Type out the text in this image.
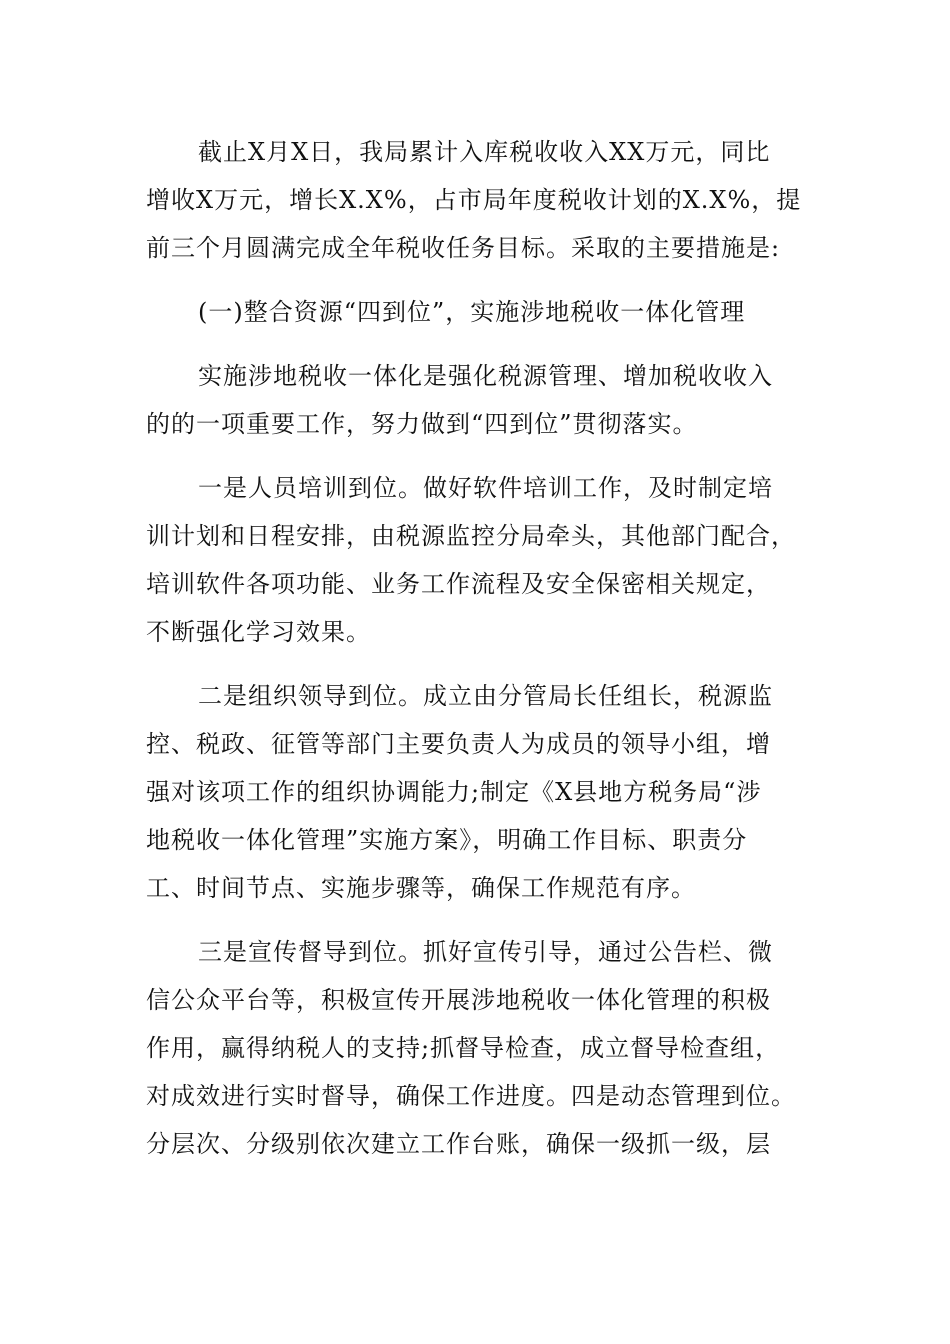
截止X月X日，我局累计入库税收收入XX万元，同比
增收X万元，增长X.X%，占市局年度税收计划的X.X%，提
前三个月圆满完成全年税收任务目标。采取的主要措施是:
(一)整合资源“四到位”，实施涉地税收一体化管理
实施涉地税收一体化是强化税源管理、增加税收收入
的的一项重要工作，努力做到“四到位”贯彻落实。
一是人员培训到位。做好软件培训工作，及时制定培
训计划和日程安排，由税源监控分局牵头，其他部门配合，
培训软件各项功能、业务工作流程及安全保密相关规定，
不断强化学习效果。
二是组织领导到位。成立由分管局长任组长，税源监
控、税政、征管等部门主要负责人为成员的领导小组，增
强对该项工作的组织协调能力;制定《X县地方税务局“涉
地税收一体化管理”实施方案》，明确工作目标、职责分
工、时间节点、实施步骤等，确保工作规范有序。
三是宣传督导到位。抓好宣传引导，通过公告栏、微
信公众平台等，积极宣传开展涉地税收一体化管理的积极
作用，赢得纳税人的支持;抓督导检查，成立督导检查组，
对成效进行实时督导，确保工作进度。四是动态管理到位。
分层次、分级别依次建立工作台账，确保一级抓一级，层
